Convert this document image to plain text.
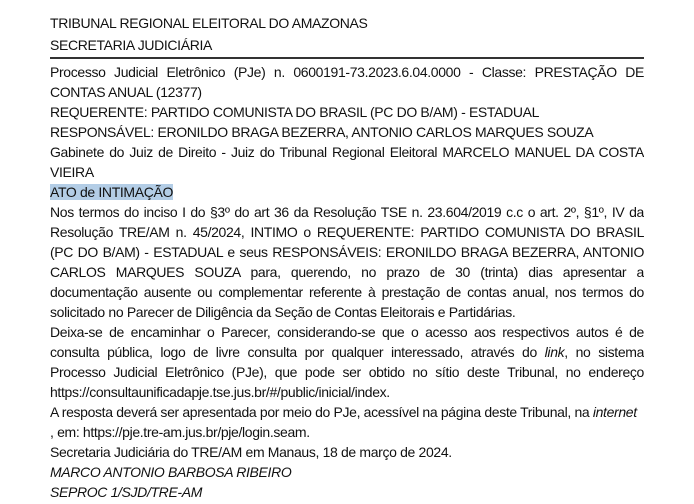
TRIBUNAL REGIONAL ELEITORAL DO AMAZONAS
SECRETARIA JUDICIÁRIA
Processo Judicial Eletrônico (PJe) n. 0600191-73.2023.6.04.0000 - Classe: PRESTAÇÃO DE
CONTAS ANUAL (12377)
REQUERENTE: PARTIDO COMUNISTA DO BRASIL (PC DO B/AM) - ESTADUAL
RESPONSÁVEL: ERONILDO BRAGA BEZERRA, ANTONIO CARLOS MARQUES SOUZA
Gabinete do Juiz de Direito - Juiz do Tribunal Regional Eleitoral MARCELO MANUEL DA COSTA
VIEIRA
ATO de INTIMAÇÃO
Nos termos do inciso I do §3º do art 36 da Resolução TSE n. 23.604/2019 c.c o art. 2º, §1º, IV da
Resolução TRE/AM n. 45/2024, INTIMO o REQUERENTE: PARTIDO COMUNISTA DO BRASIL
(PC DO B/AM) - ESTADUAL e seus RESPONSÁVEIS: ERONILDO BRAGA BEZERRA, ANTONIO
CARLOS MARQUES SOUZA para, querendo, no prazo de 30 (trinta) dias apresentar a
documentação ausente ou complementar referente à prestação de contas anual, nos termos do
solicitado no Parecer de Diligência da Seção de Contas Eleitorais e Partidárias.
Deixa-se de encaminhar o Parecer, considerando-se que o acesso aos respectivos autos é de
consulta pública, logo de livre consulta por qualquer interessado, através do link, no sistema
Processo Judicial Eletrônico (PJe), que pode ser obtido no sítio deste Tribunal, no endereço
https://consultaunificadapje.tse.jus.br/#/public/inicial/index.
A resposta deverá ser apresentada por meio do PJe, acessível na página deste Tribunal, na internet
, em: https://pje.tre-am.jus.br/pje/login.seam.
Secretaria Judiciária do TRE/AM em Manaus, 18 de março de 2024.
MARCO ANTONIO BARBOSA RIBEIRO
SEPROC 1/SJD/TRE-AM
